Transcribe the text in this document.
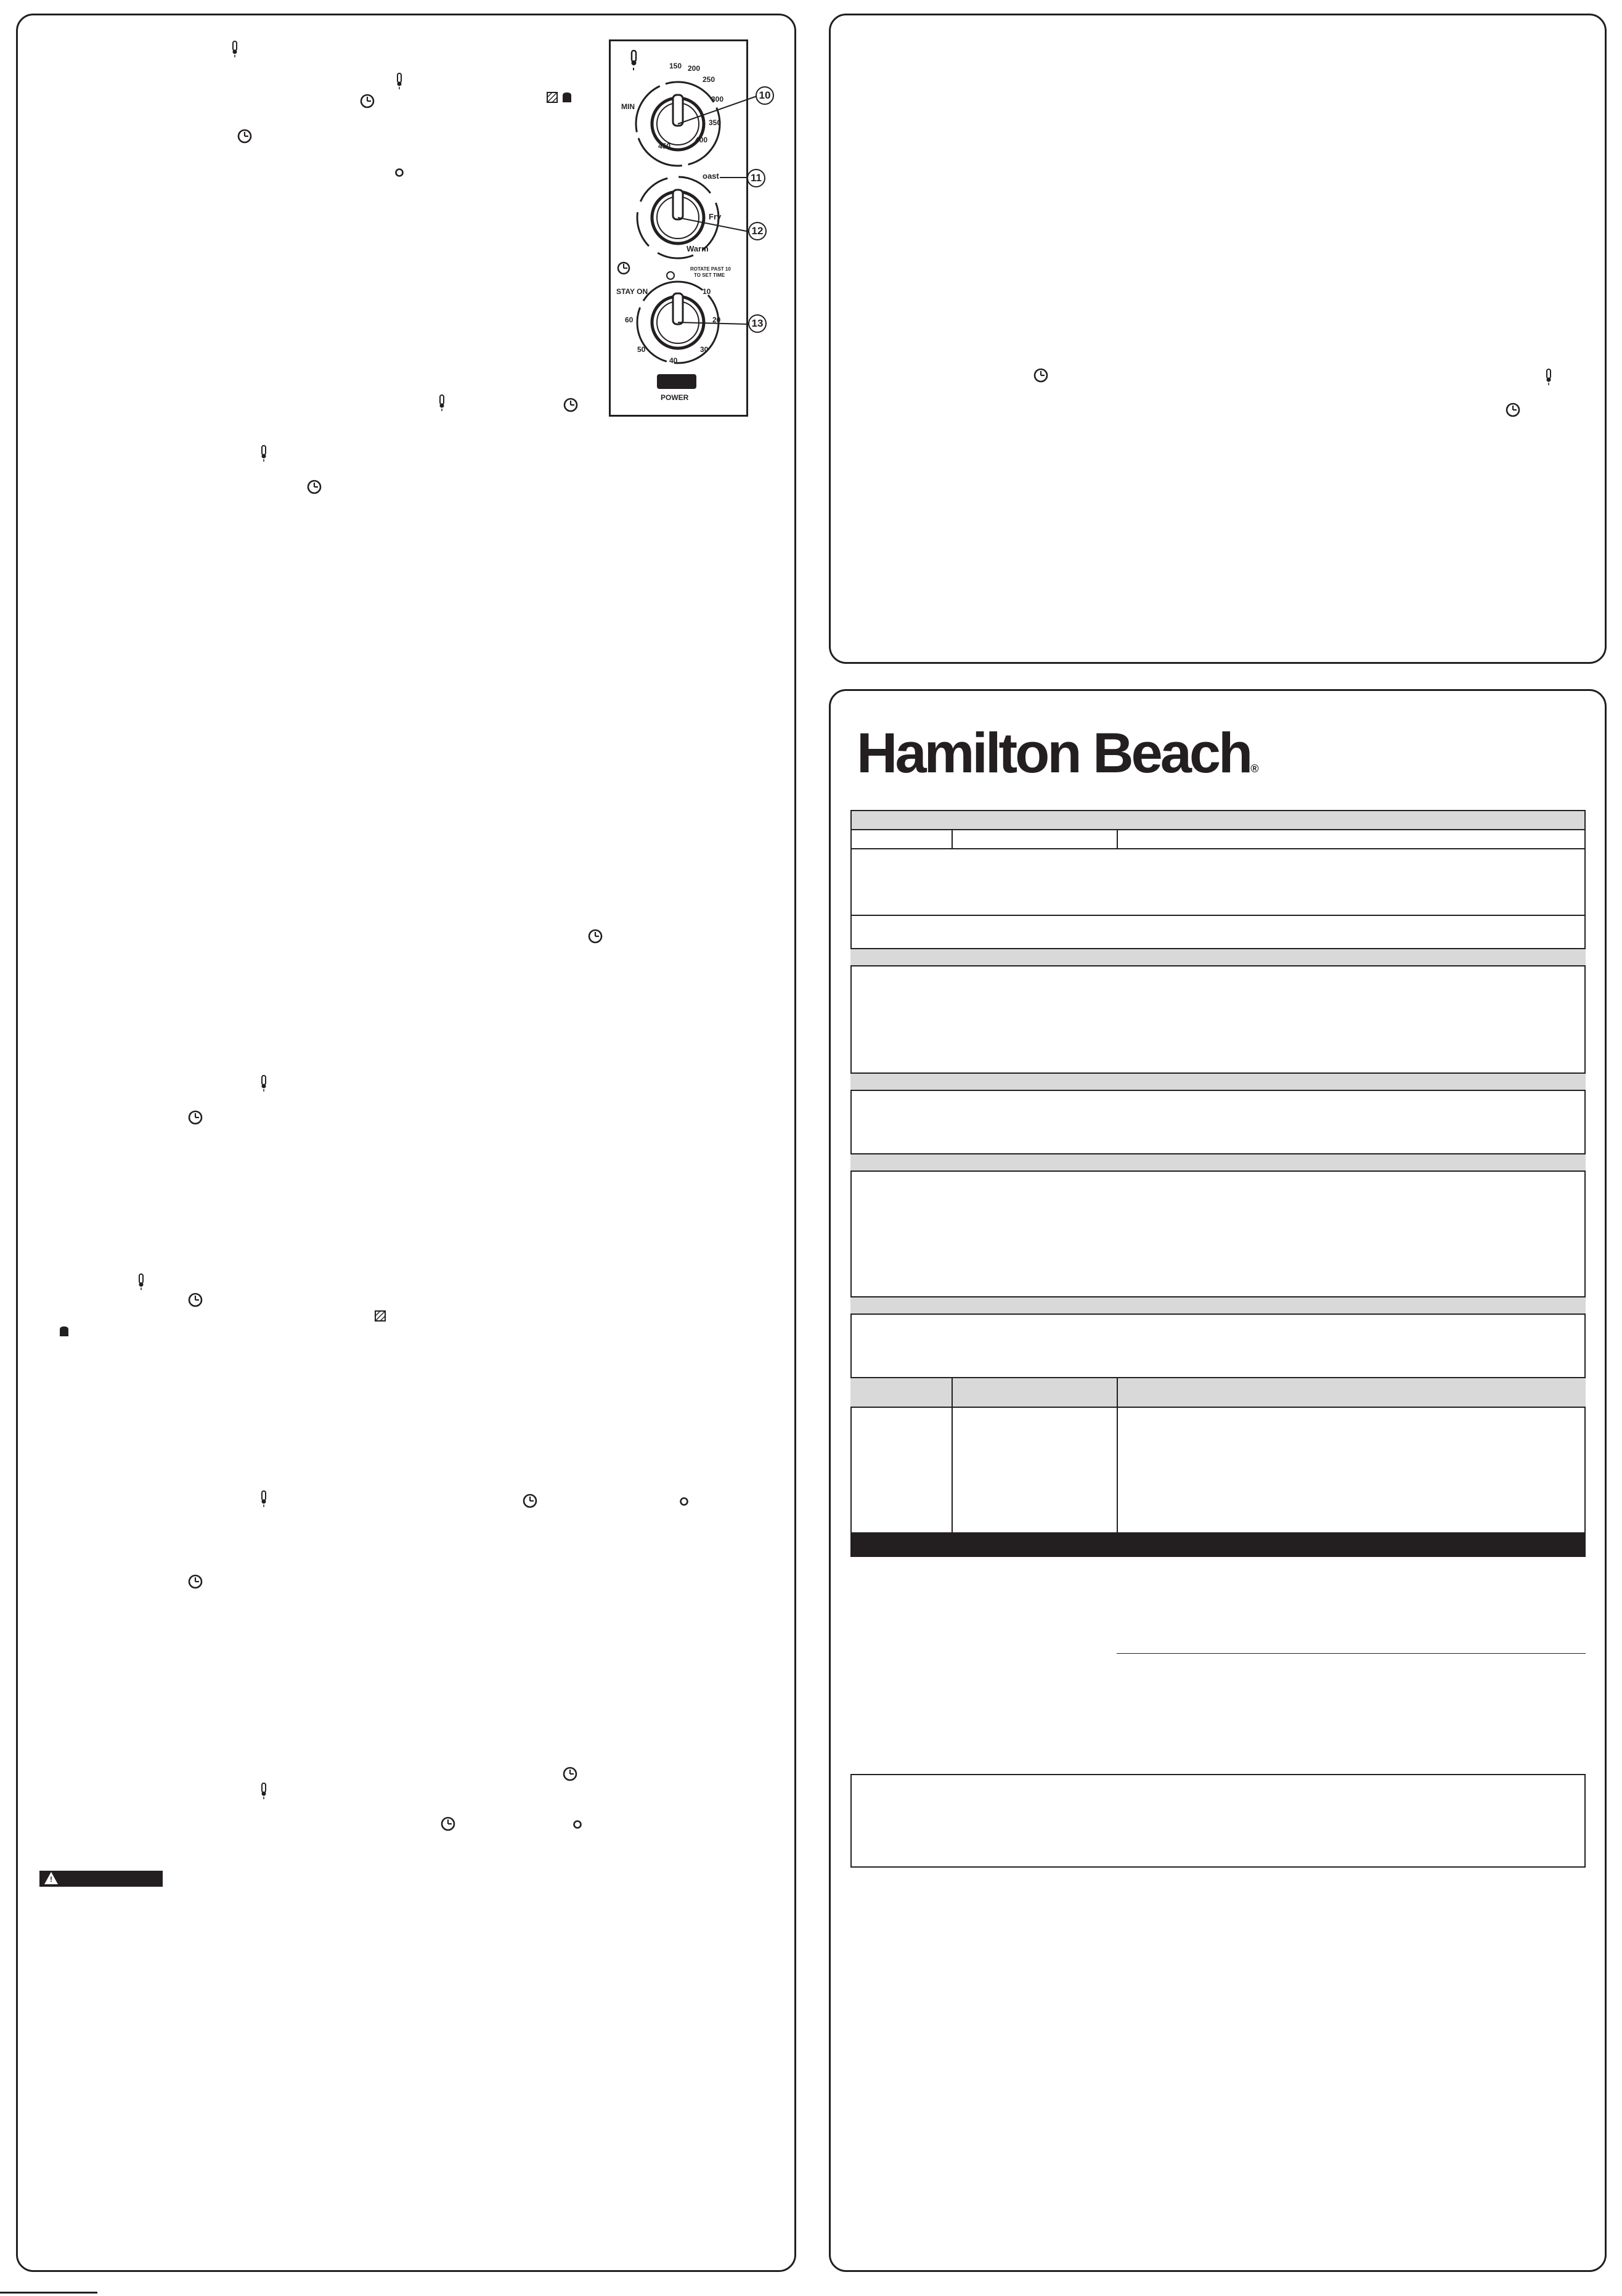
MIN
150 200
250
300
350
400
450
10
oast
Fry
Warm
11
12
STAY ON
ROTATE PAST 10
TO SET TIME
10
20
30
40
50
60	13
POWER
!
Hamilton Beach®
